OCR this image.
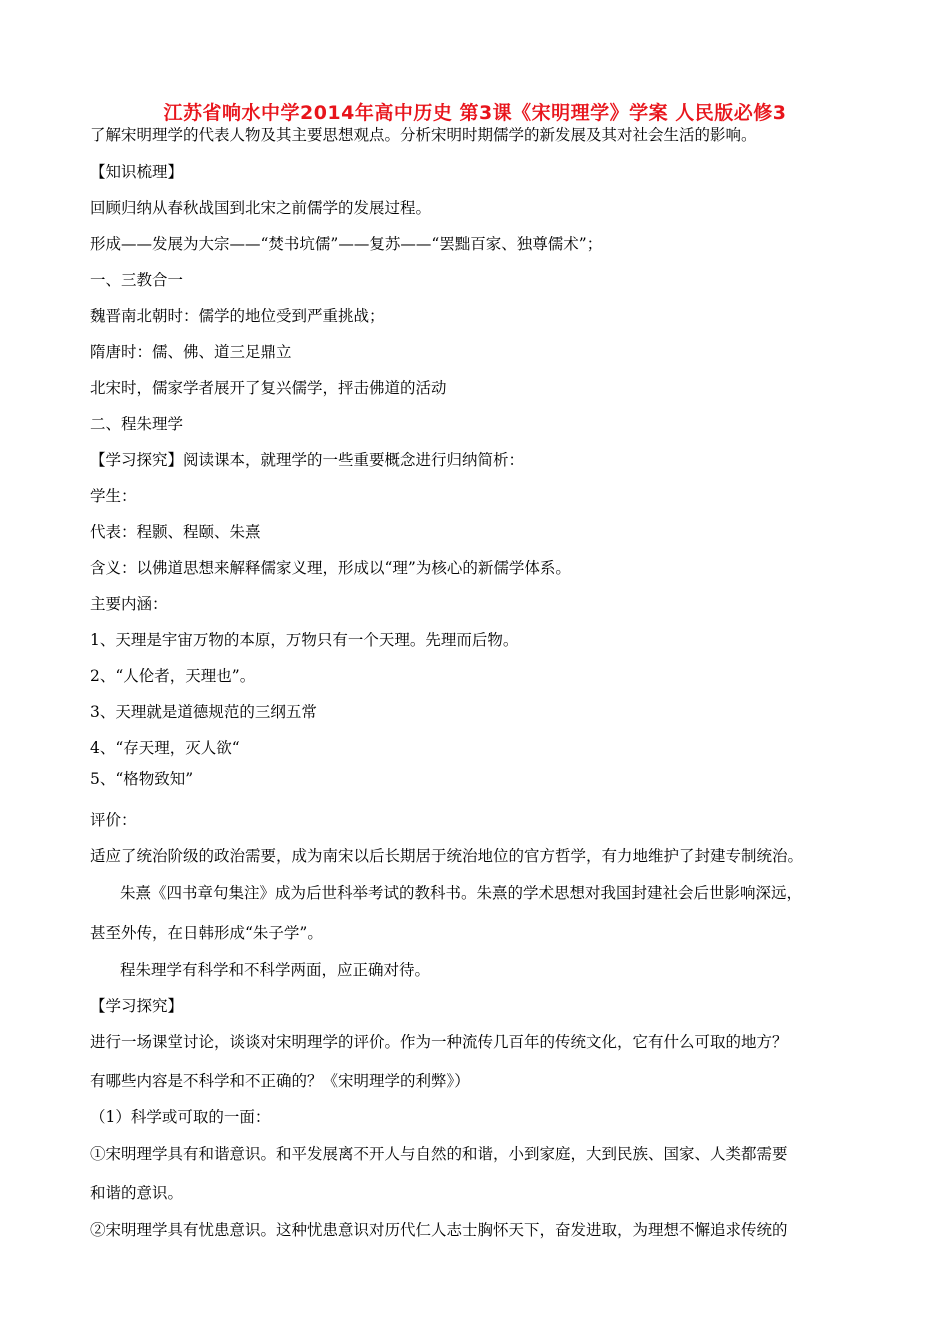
江苏省响水中学2014年高中历史 第3课《宋明理学》学案 人民版必修3
了解宋明理学的代表人物及其主要思想观点。分析宋明时期儒学的新发展及其对社会生活的影响。
【知识梳理】
回顾归纳从春秋战国到北宋之前儒学的发展过程。
形成——发展为大宗——“焚书坑儒”——复苏——“罢黜百家、独尊儒术”；
一、三教合一
魏晋南北朝时：儒学的地位受到严重挑战；
隋唐时：儒、佛、道三足鼎立
北宋时，儒家学者展开了复兴儒学，抨击佛道的活动
二、程朱理学
【学习探究】阅读课本，就理学的一些重要概念进行归纳简析：
学生：
代表：程颢、程颐、朱熹
含义：以佛道思想来解释儒家义理，形成以“理”为核心的新儒学体系。
主要内涵：
1、天理是宇宙万物的本原，万物只有一个天理。先理而后物。
2、“人伦者，天理也”。
3、天理就是道德规范的三纲五常
4、“存天理，灭人欲“
5、“格物致知”
评价：
适应了统治阶级的政治需要，成为南宋以后长期居于统治地位的官方哲学，有力地维护了封建专制统治。
朱熹《四书章句集注》成为后世科举考试的教科书。朱熹的学术思想对我国封建社会后世影响深远，
甚至外传，在日韩形成“朱子学”。
程朱理学有科学和不科学两面，应正确对待。
【学习探究】
进行一场课堂讨论，谈谈对宋明理学的评价。作为一种流传几百年的传统文化，它有什么可取的地方？
有哪些内容是不科学和不正确的？《宋明理学的利弊》）
（1）科学或可取的一面：
①宋明理学具有和谐意识。和平发展离不开人与自然的和谐，小到家庭，大到民族、国家、人类都需要
和谐的意识。
②宋明理学具有忧患意识。这种忧患意识对历代仁人志士胸怀天下，奋发进取，为理想不懈追求传统的
